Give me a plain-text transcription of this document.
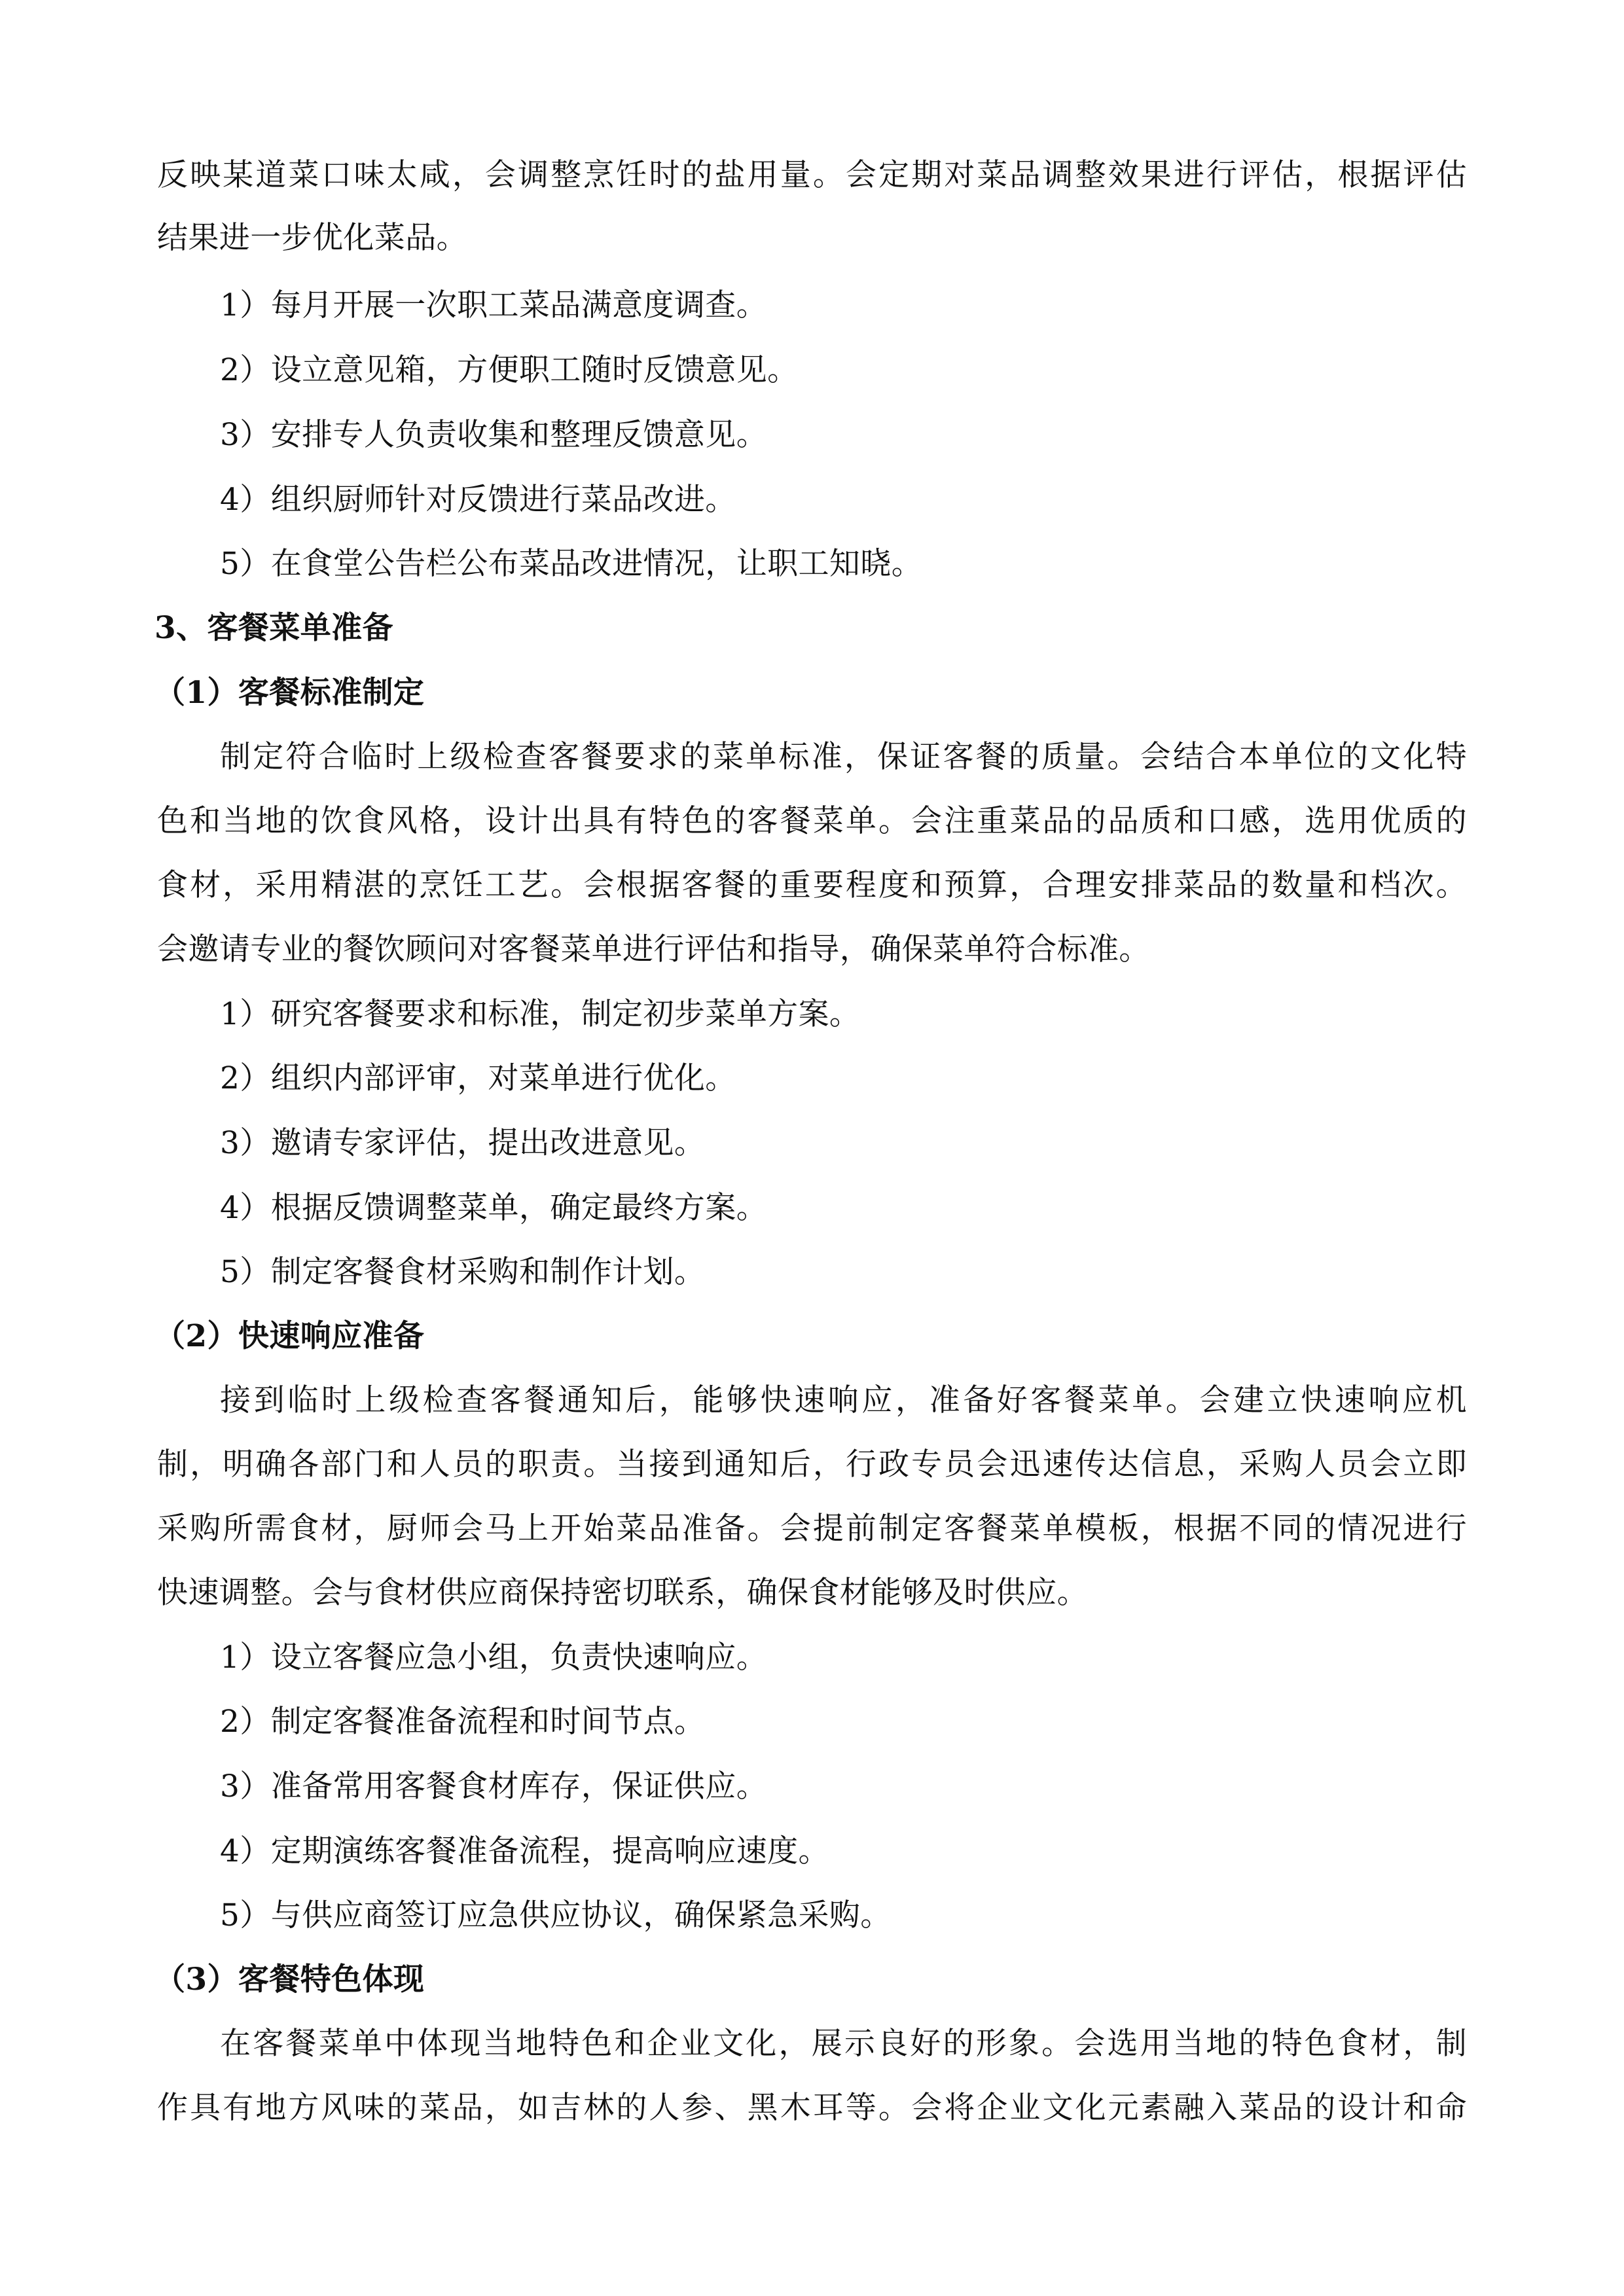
反映某道菜口味太咸，会调整烹饪时的盐用量。会定期对菜品调整效果进行评估，根据评估
结果进一步优化菜品。
1）每月开展一次职工菜品满意度调查。
2）设立意见箱，方便职工随时反馈意见。
3）安排专人负责收集和整理反馈意见。
4）组织厨师针对反馈进行菜品改进。
5）在食堂公告栏公布菜品改进情况，让职工知晓。
3、客餐菜单准备
（1）客餐标准制定
制定符合临时上级检查客餐要求的菜单标准，保证客餐的质量。会结合本单位的文化特
色和当地的饮食风格，设计出具有特色的客餐菜单。会注重菜品的品质和口感，选用优质的
食材，采用精湛的烹饪工艺。会根据客餐的重要程度和预算，合理安排菜品的数量和档次。
会邀请专业的餐饮顾问对客餐菜单进行评估和指导，确保菜单符合标准。
1）研究客餐要求和标准，制定初步菜单方案。
2）组织内部评审，对菜单进行优化。
3）邀请专家评估，提出改进意见。
4）根据反馈调整菜单，确定最终方案。
5）制定客餐食材采购和制作计划。
（2）快速响应准备
接到临时上级检查客餐通知后，能够快速响应，准备好客餐菜单。会建立快速响应机
制，明确各部门和人员的职责。当接到通知后，行政专员会迅速传达信息，采购人员会立即
采购所需食材，厨师会马上开始菜品准备。会提前制定客餐菜单模板，根据不同的情况进行
快速调整。会与食材供应商保持密切联系，确保食材能够及时供应。
1）设立客餐应急小组，负责快速响应。
2）制定客餐准备流程和时间节点。
3）准备常用客餐食材库存，保证供应。
4）定期演练客餐准备流程，提高响应速度。
5）与供应商签订应急供应协议，确保紧急采购。
（3）客餐特色体现
在客餐菜单中体现当地特色和企业文化，展示良好的形象。会选用当地的特色食材，制
作具有地方风味的菜品，如吉林的人参、黑木耳等。会将企业文化元素融入菜品的设计和命
